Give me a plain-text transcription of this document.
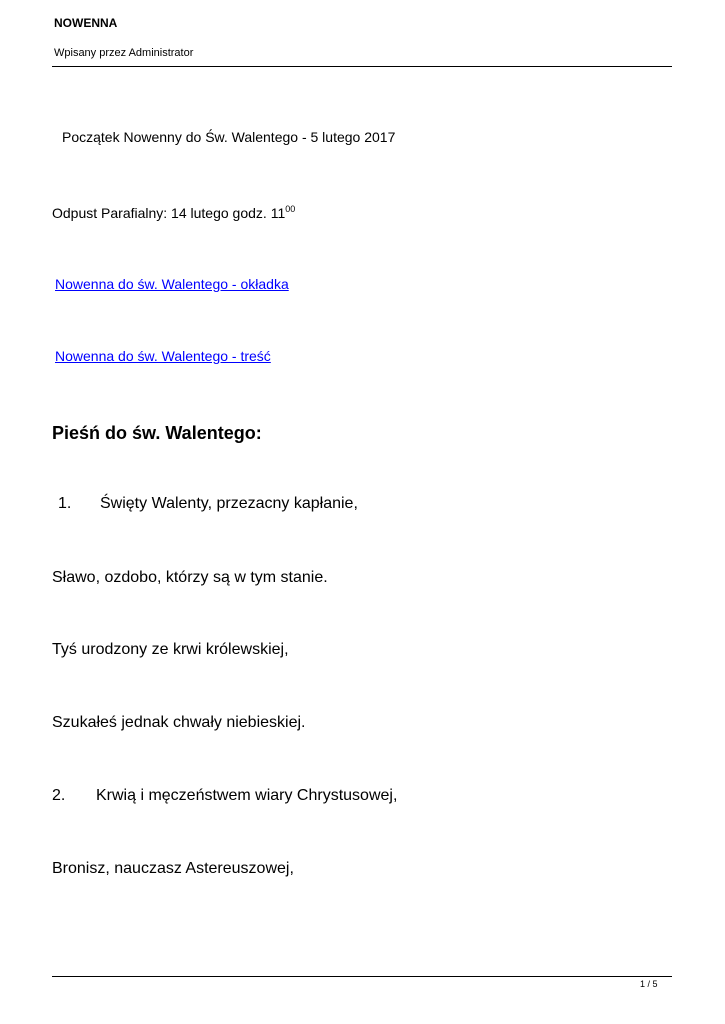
NOWENNA
Wpisany przez Administrator
Początek Nowenny do Św. Walentego - 5 lutego 2017
Odpust Parafialny: 14 lutego godz. $11^{00}$
Nowenna do św. Walentego - okładka
Nowenna do św. Walentego - treść
Pieśń do św. Walentego:
1. Święty Walenty, przezacny kapłanie,
Sławo, ozdobo, którzy są w tym stanie.
Tyś urodzony ze krwi królewskiej,
Szukałeś jednak chwały niebieskiej.
2. Krwią i męczeństwem wiary Chrystusowej,
Bronisz, nauczasz Astereuszowej,
1 / 5
